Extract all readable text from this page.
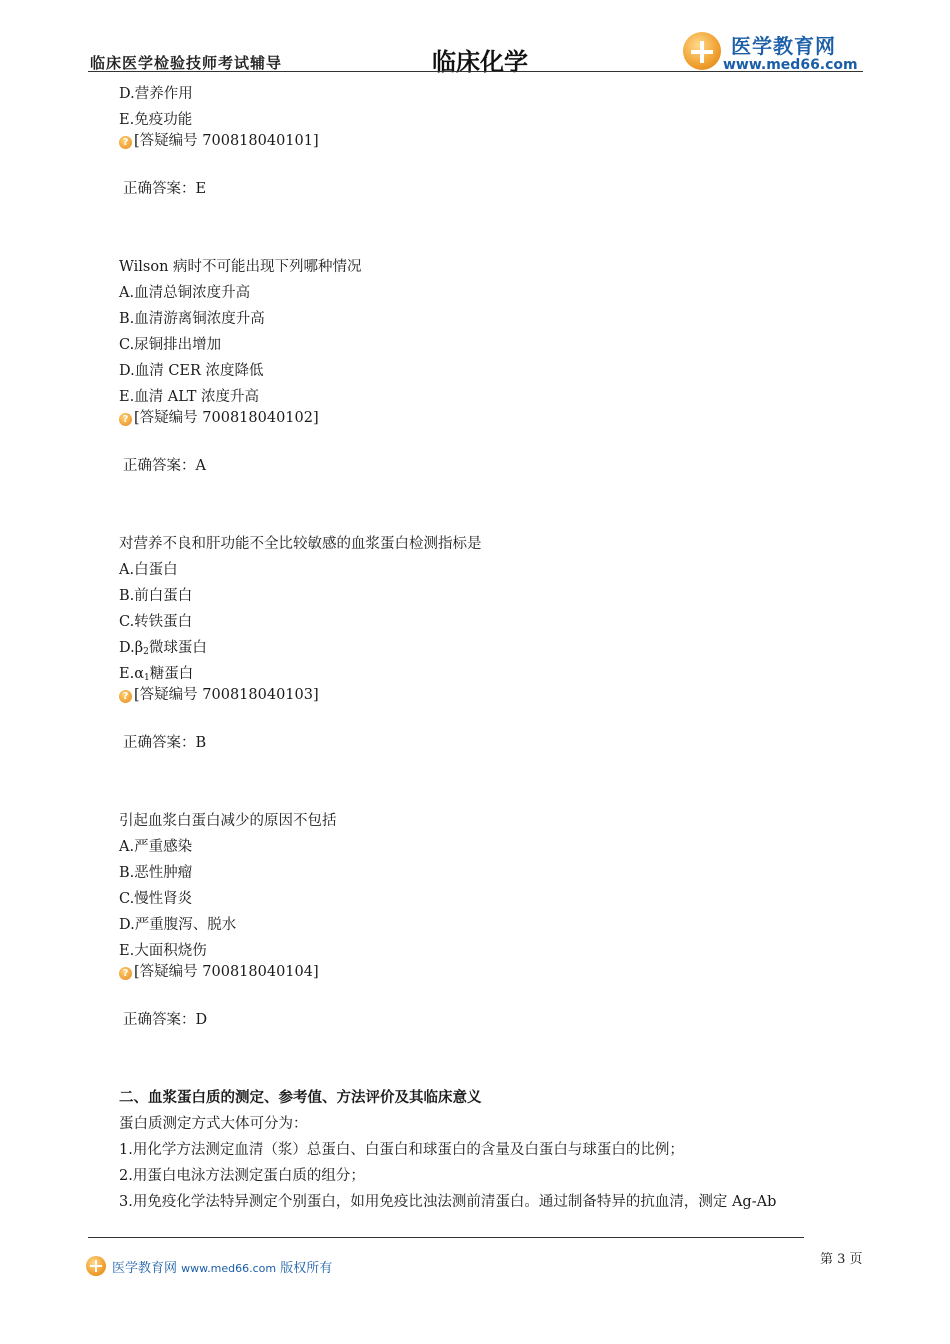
临床医学检验技师考试辅导	临床化学
医学教育网
www.med66.com
D.营养作用
E.免疫功能
? [答疑编号 700818040101]
正确答案：E
Wilson 病时不可能出现下列哪种情况
A.血清总铜浓度升高
B.血清游离铜浓度升高
C.尿铜排出增加
D.血清 CER 浓度降低
E.血清 ALT 浓度升高
? [答疑编号 700818040102]
正确答案：A
对营养不良和肝功能不全比较敏感的血浆蛋白检测指标是
A.白蛋白
B.前白蛋白
C.转铁蛋白
$D.\beta_2$微球蛋白
$E.\alpha_1$糖蛋白
? [答疑编号 700818040103]
正确答案：B
引起血浆白蛋白减少的原因不包括
A.严重感染
B.恶性肿瘤
C.慢性肾炎
D.严重腹泻、脱水
E.大面积烧伤
? [答疑编号 700818040104]
正确答案：D
二、血浆蛋白质的测定、参考值、方法评价及其临床意义
蛋白质测定方式大体可分为：
1.用化学方法测定血清（浆）总蛋白、白蛋白和球蛋白的含量及白蛋白与球蛋白的比例；
2.用蛋白电泳方法测定蛋白质的组分；
3.用免疫化学法特异测定个别蛋白，如用免疫比浊法测前清蛋白。通过制备特异的抗血清，测定 Ag-Ab
医学教育网 www.med66.com 版权所有
第 3 页
